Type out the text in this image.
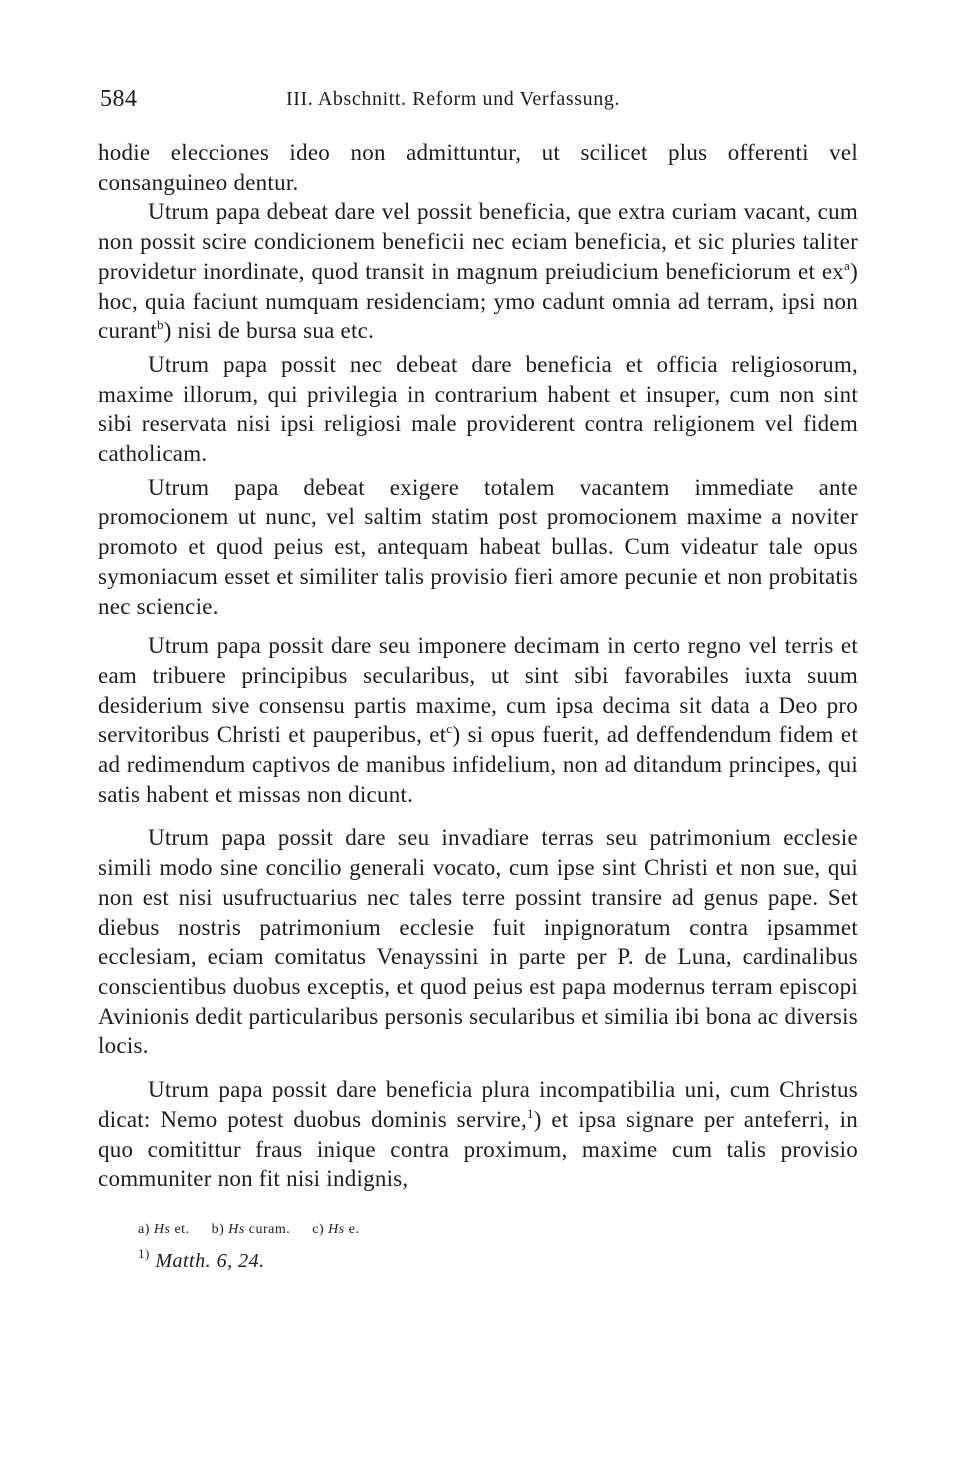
584	III. Abschnitt. Reform und Verfassung.

hodie elecciones ideo non admittuntur, ut scilicet plus offerenti vel consanguineo dentur.

Utrum papa debeat dare vel possit beneficia, que extra curiam vacant, cum non possit scire condicionem beneficii nec eciam beneficia, et sic pluries taliter providetur inordinate, quod transit in magnum preiudicium beneficiorum et $ex^a$) hoc, quia faciunt numquam residenciam; ymo cadunt omnia ad terram, ipsi non curant$^b$) nisi de bursa sua etc.

Utrum papa possit nec debeat dare beneficia et officia religiosorum, maxime illorum, qui privilegia in contrarium habent et insuper, cum non sint sibi reservata nisi ipsi religiosi male providerent contra religionem vel fidem catholicam.

Utrum papa debeat exigere totalem vacantem immediate ante promocionem ut nunc, vel saltim statim post promocionem maxime a noviter promoto et quod peius est, antequam habeat bullas. Cum videatur tale opus symoniacum esset et similiter talis provisio fieri amore pecunie et non probitatis nec sciencie.

Utrum papa possit dare seu imponere decimam in certo regno vel terris et eam tribuere principibus secularibus, ut sint sibi favorabiles iuxta suum desiderium sive consensu partis maxime, cum ipsa decima sit data a Deo pro servitoribus Christi et pauperibus, $et^c$) si opus fuerit, ad deffendendum fidem et ad redimendum captivos de manibus infidelium, non ad ditandum principes, qui satis habent et missas non dicunt.

Utrum papa possit dare seu invadiare terras seu patrimonium ecclesie simili modo sine concilio generali vocato, cum ipse sint Christi et non sue, qui non est nisi usufructuarius nec tales terre possint transire ad genus pape. Set diebus nostris patrimonium ecclesie fuit inpignoratum contra ipsammet ecclesiam, eciam comitatus Venayssini in parte per P. de Luna, cardinalibus conscientibus duobus exceptis, et quod peius est papa modernus terram episcopi Avinionis dedit particularibus personis secularibus et similia ibi bona ac diversis locis.

Utrum papa possit dare beneficia plura incompatibilia uni, cum Christus dicat: Nemo potest duobus dominis servire,$^1$) et ipsa signare per anteferri, in quo comitittur fraus inique contra proximum, maxime cum talis provisio communiter non fit nisi indignis,

a) Hs et. b) Hs curam. c) Hs e.
$^{1)}$ Matth. 6, 24.
